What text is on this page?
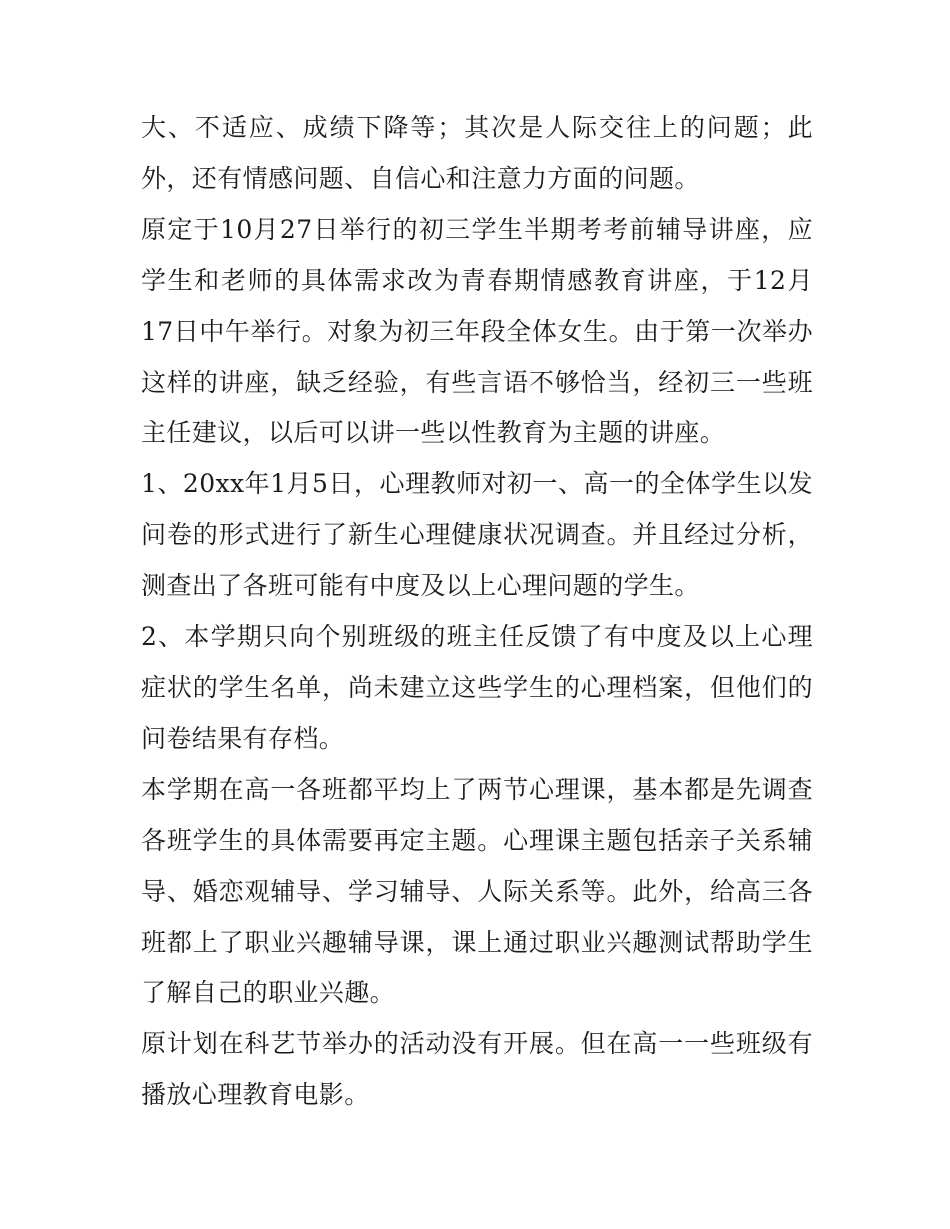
大、不适应、成绩下降等；其次是人际交往上的问题；此外，还有情感问题、自信心和注意力方面的问题。

原定于10月27日举行的初三学生半期考考前辅导讲座，应学生和老师的具体需求改为青春期情感教育讲座，于12月17日中午举行。对象为初三年段全体女生。由于第一次举办这样的讲座，缺乏经验，有些言语不够恰当，经初三一些班主任建议，以后可以讲一些以性教育为主题的讲座。

1、20xx年1月5日，心理教师对初一、高一的全体学生以发问卷的形式进行了新生心理健康状况调查。并且经过分析，测查出了各班可能有中度及以上心理问题的学生。

2、本学期只向个别班级的班主任反馈了有中度及以上心理症状的学生名单，尚未建立这些学生的心理档案，但他们的问卷结果有存档。

本学期在高一各班都平均上了两节心理课，基本都是先调查各班学生的具体需要再定主题。心理课主题包括亲子关系辅导、婚恋观辅导、学习辅导、人际关系等。此外，给高三各班都上了职业兴趣辅导课，课上通过职业兴趣测试帮助学生了解自己的职业兴趣。

原计划在科艺节举办的活动没有开展。但在高一一些班级有播放心理教育电影。
